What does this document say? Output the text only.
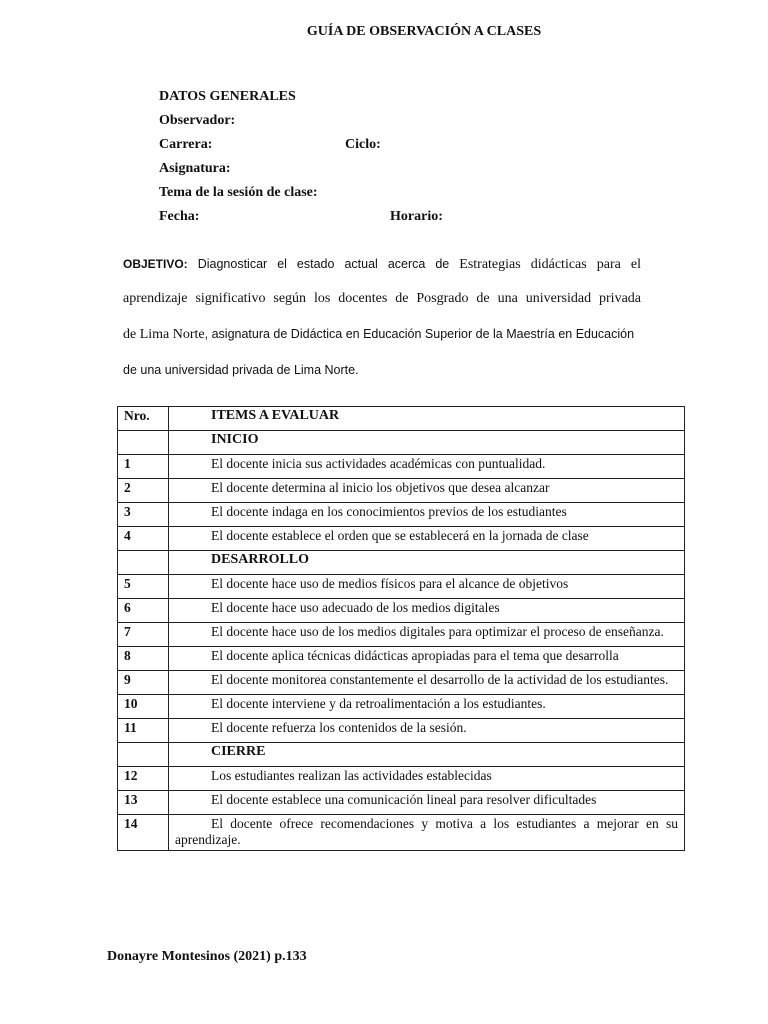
GUÍA DE OBSERVACIÓN A CLASES
DATOS GENERALES
Observador:
Carrera:	Ciclo:
Asignatura:
Tema de la sesión de clase:
Fecha:	Horario:
OBJETIVO: Diagnosticar el estado actual acerca de Estrategias didácticas para el
aprendizaje significativo según los docentes de Posgrado de una universidad privada
de Lima Norte, asignatura de Didáctica en Educación Superior de la Maestría en Educación
de una universidad privada de Lima Norte.
Nro.	ITEMS A EVALUAR
	INICIO
1	El docente inicia sus actividades académicas con puntualidad.
2	El docente determina al inicio los objetivos que desea alcanzar
3	El docente indaga en los conocimientos previos de los estudiantes
4	El docente establece el orden que se establecerá en la jornada de clase
	DESARROLLO
5	El docente hace uso de medios físicos para el alcance de objetivos
6	El docente hace uso adecuado de los medios digitales
7	El docente hace uso de los medios digitales para optimizar el proceso de enseñanza.
8	El docente aplica técnicas didácticas apropiadas para el tema que desarrolla
9	El docente monitorea constantemente el desarrollo de la actividad de los estudiantes.
10	El docente interviene y da retroalimentación a los estudiantes.
11	El docente refuerza los contenidos de la sesión.
	CIERRE
12	Los estudiantes realizan las actividades establecidas
13	El docente establece una comunicación lineal para resolver dificultades
14	El docente ofrece recomendaciones y motiva a los estudiantes a mejorar en su aprendizaje.
Donayre Montesinos (2021) p.133
